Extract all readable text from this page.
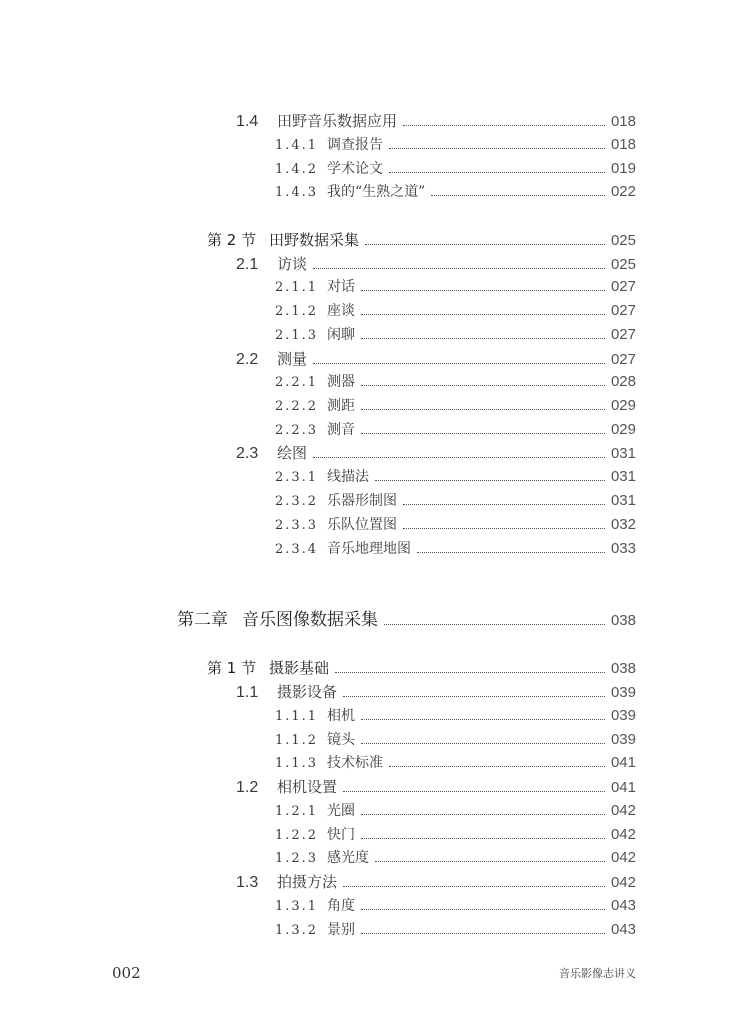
1.4	田野音乐数据应用	018
1.4.1 调查报告	018
1.4.2 学术论文	019
1.4.3 我的“生熟之道”	022
第 2 节 田野数据采集	025
2.1	访谈	025
2.1.1 对话	027
2.1.2 座谈	027
2.1.3 闲聊	027
2.2	测量	027
2.2.1 测器	028
2.2.2 测距	029
2.2.3 测音	029
2.3	绘图	031
2.3.1 线描法	031
2.3.2 乐器形制图	031
2.3.3 乐队位置图	032
2.3.4 音乐地理地图	033
第二章 音乐图像数据采集	038
第 1 节 摄影基础	038
1.1	摄影设备	039
1.1.1 相机	039
1.1.2 镜头	039
1.1.3 技术标准	041
1.2	相机设置	041
1.2.1 光圈	042
1.2.2 快门	042
1.2.3 感光度	042
1.3	拍摄方法	042
1.3.1 角度	043
1.3.2 景别	043
002	音乐影像志讲义
